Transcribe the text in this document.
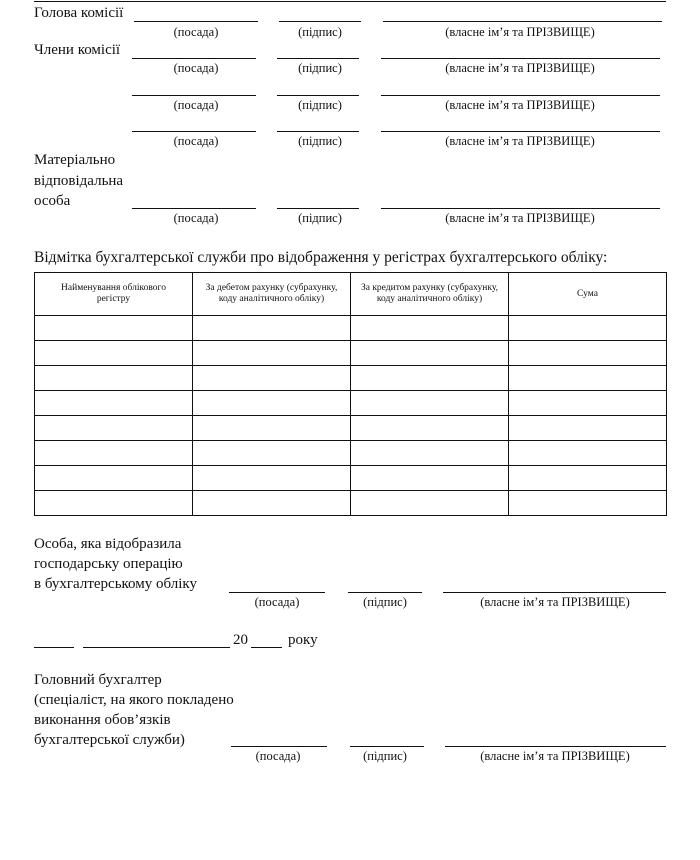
Голова комісії
(посада)	(підпис)	(власне ім’я та ПРІЗВИЩЕ)
Члени комісії
(посада)	(підпис)	(власне ім’я та ПРІЗВИЩЕ)
(посада)	(підпис)	(власне ім’я та ПРІЗВИЩЕ)
(посада)	(підпис)	(власне ім’я та ПРІЗВИЩЕ)
Матеріально
відповідальна
особа
(посада)	(підпис)	(власне ім’я та ПРІЗВИЩЕ)
Відмітка бухгалтерської служби про відображення у регістрах бухгалтерського обліку:
Найменування облікового регістру	За дебетом рахунку (субрахунку, коду аналітичного обліку)	За кредитом рахунку (субрахунку, коду аналітичного обліку)	Сума

Особа, яка відобразила
господарську операцію
в бухгалтерському обліку
(посада)	(підпис)	(власне ім’я та ПРІЗВИЩЕ)
20	року
Головний бухгалтер
(спеціаліст, на якого покладено
виконання обов’язків
бухгалтерської служби)
(посада)	(підпис)	(власне ім’я та ПРІЗВИЩЕ)
